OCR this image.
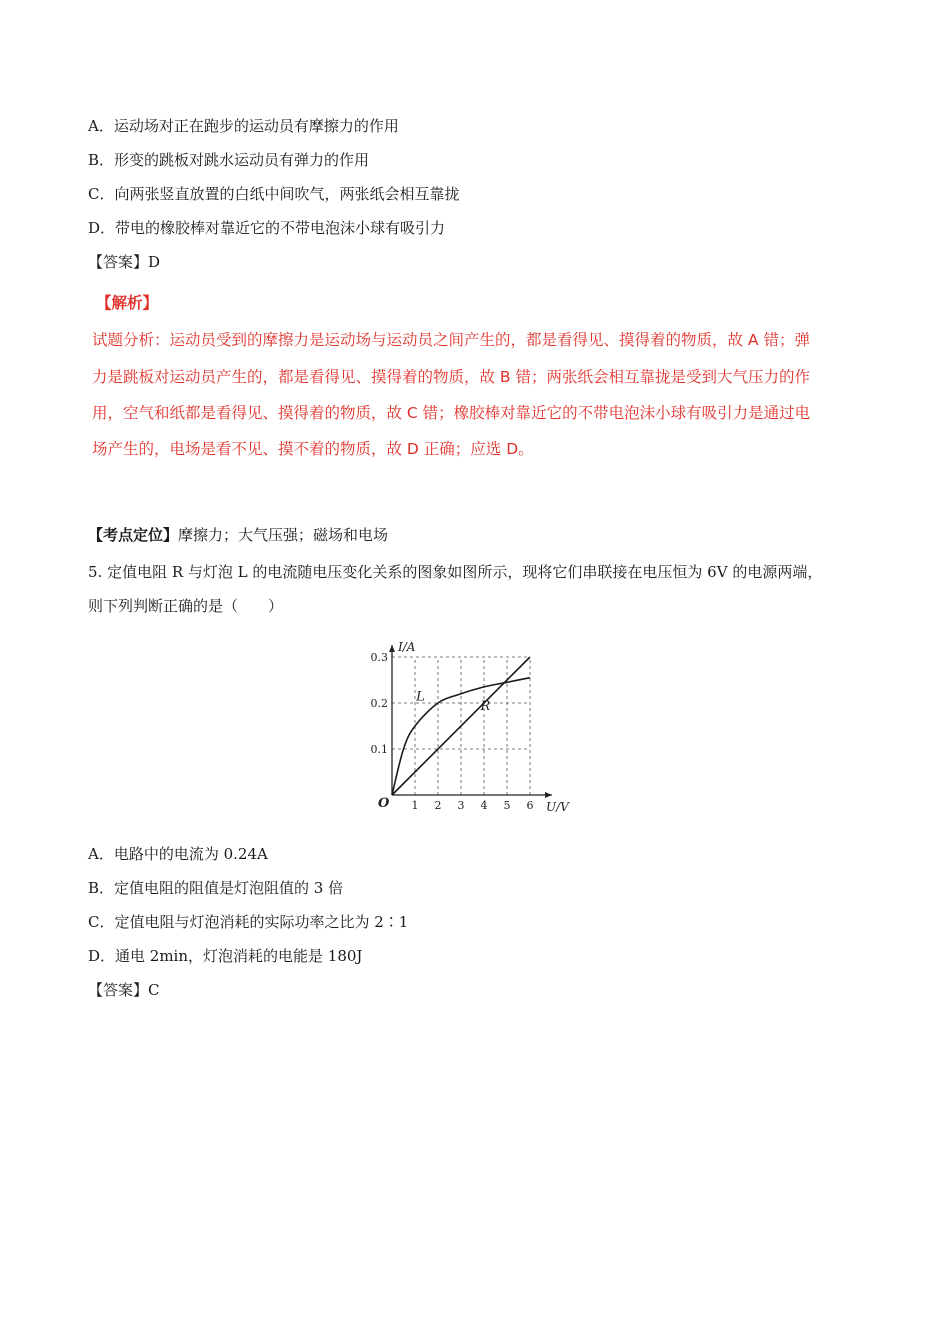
A．运动场对正在跑步的运动员有摩擦力的作用
B．形变的跳板对跳水运动员有弹力的作用
C．向两张竖直放置的白纸中间吹气，两张纸会相互靠拢
D．带电的橡胶棒对靠近它的不带电泡沫小球有吸引力
【答案】D
【解析】
试题分析：运动员受到的摩擦力是运动场与运动员之间产生的，都是看得见、摸得着的物质，故 A 错；弹
力是跳板对运动员产生的，都是看得见、摸得着的物质，故 B 错；两张纸会相互靠拢是受到大气压力的作
用，空气和纸都是看得见、摸得着的物质，故 C 错；橡胶棒对靠近它的不带电泡沫小球有吸引力是通过电
场产生的，电场是看不见、摸不着的物质，故 D 正确；应选 D。
【考点定位】摩擦力；大气压强；磁场和电场
5. 定值电阻 R 与灯泡 L 的电流随电压变化关系的图象如图所示，现将它们串联接在电压恒为 6V 的电源两端，
则下列判断正确的是（　　）
1 2 3 4 5 6
0.1
0.2
0.3
L
R
I/A
U/V
O
A．电路中的电流为 0.24A
B．定值电阻的阻值是灯泡阻值的 3 倍
C．定值电阻与灯泡消耗的实际功率之比为 2∶1
D．通电 2min，灯泡消耗的电能是 180J
【答案】C
